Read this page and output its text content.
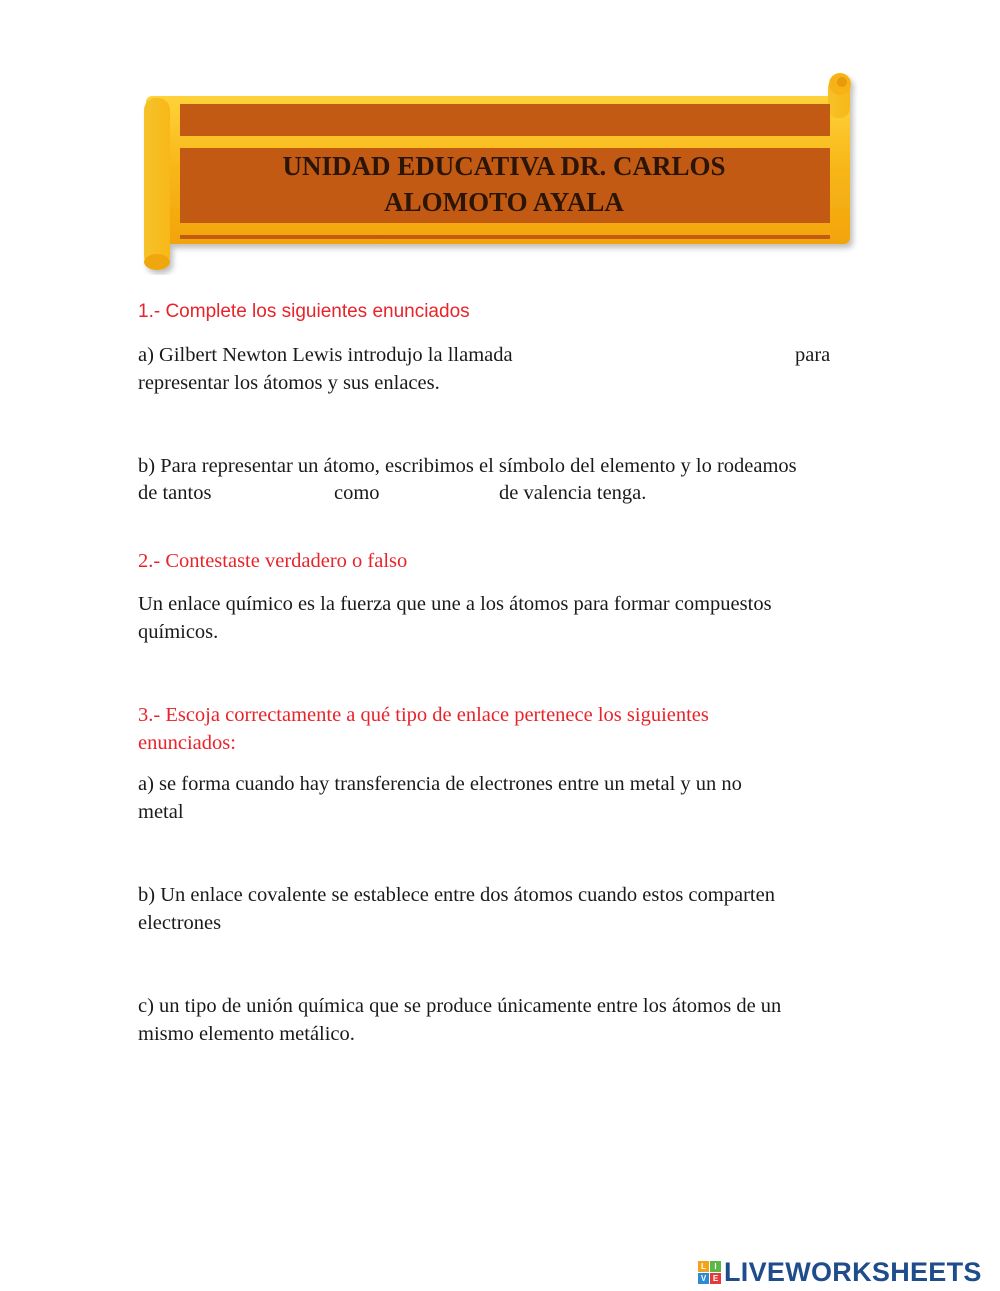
UNIDAD EDUCATIVA DR. CARLOS
ALOMOTO AYALA
1.- Complete los siguientes enunciados
a) Gilbert Newton Lewis introdujo la llamada	para
representar los átomos y sus enlaces.
b) Para representar un átomo, escribimos el símbolo del elemento y lo rodeamos
de tantos	como	de valencia tenga.
2.- Contestaste verdadero o falso
Un enlace químico es la fuerza que une a los átomos para formar compuestos
químicos.
3.- Escoja correctamente a qué tipo de enlace pertenece los siguientes
enunciados:
a) se forma cuando hay transferencia de electrones entre un metal y un no
metal
b) Un enlace covalente se establece entre dos átomos cuando estos comparten
electrones
c) un tipo de unión química que se produce únicamente entre los átomos de un
mismo elemento metálico.
L	I
V E LIVEWORKSHEETS
